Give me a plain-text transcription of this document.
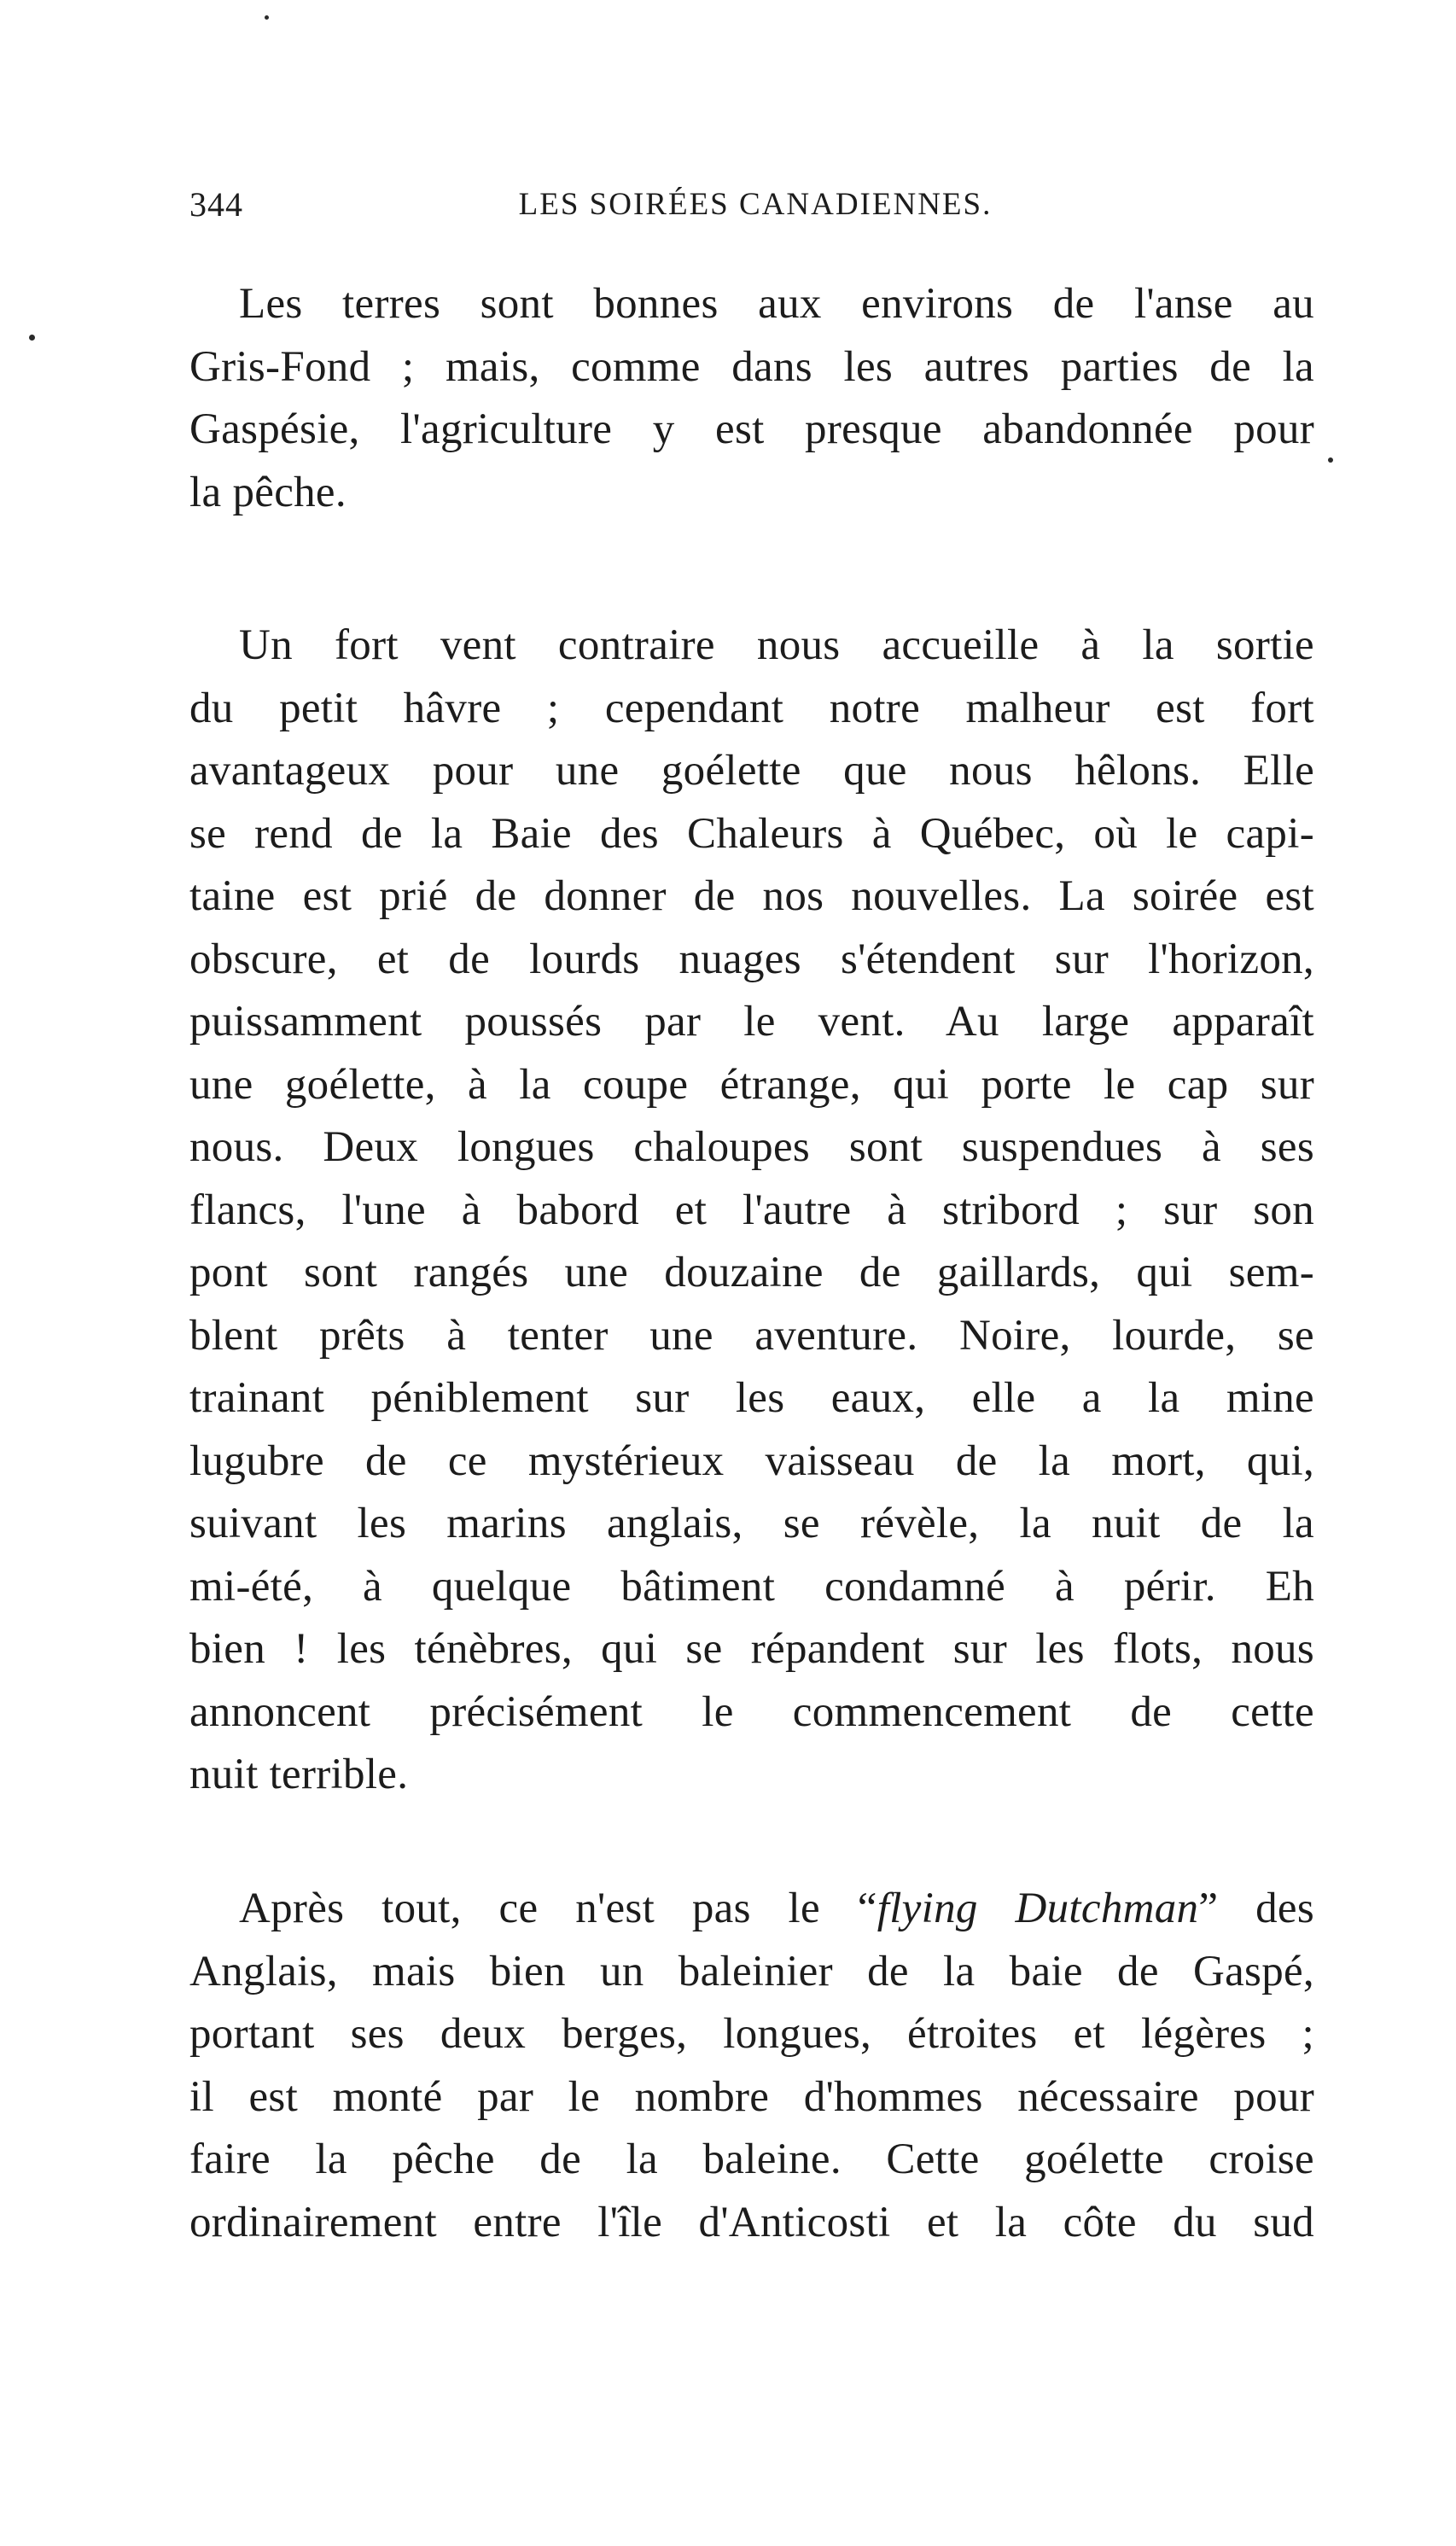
344	LES SOIRÉES CANADIENNES.
Les terres sont bonnes aux environs de l'anse au
Gris-Fond ; mais, comme dans les autres parties de la
Gaspésie, l'agriculture y est presque abandonnée pour
la pêche.
Un fort vent contraire nous accueille à la sortie
du petit hâvre ; cependant notre malheur est fort
avantageux pour une goélette que nous hêlons. Elle
se rend de la Baie des Chaleurs à Québec, où le capi-
taine est prié de donner de nos nouvelles. La soirée est
obscure, et de lourds nuages s'étendent sur l'horizon,
puissamment poussés par le vent. Au large apparaît
une goélette, à la coupe étrange, qui porte le cap sur
nous. Deux longues chaloupes sont suspendues à ses
flancs, l'une à babord et l'autre à stribord ; sur son
pont sont rangés une douzaine de gaillards, qui sem-
blent prêts à tenter une aventure. Noire, lourde, se
trainant péniblement sur les eaux, elle a la mine
lugubre de ce mystérieux vaisseau de la mort, qui,
suivant les marins anglais, se révèle, la nuit de la
mi-été, à quelque bâtiment condamné à périr. Eh
bien ! les ténèbres, qui se répandent sur les flots, nous
annoncent précisément le commencement de cette
nuit terrible.
Après tout, ce n'est pas le “flying Dutchman” des
Anglais, mais bien un baleinier de la baie de Gaspé,
portant ses deux berges, longues, étroites et légères ;
il est monté par le nombre d'hommes nécessaire pour
faire la pêche de la baleine. Cette goélette croise
ordinairement entre l'île d'Anticosti et la côte du sud
